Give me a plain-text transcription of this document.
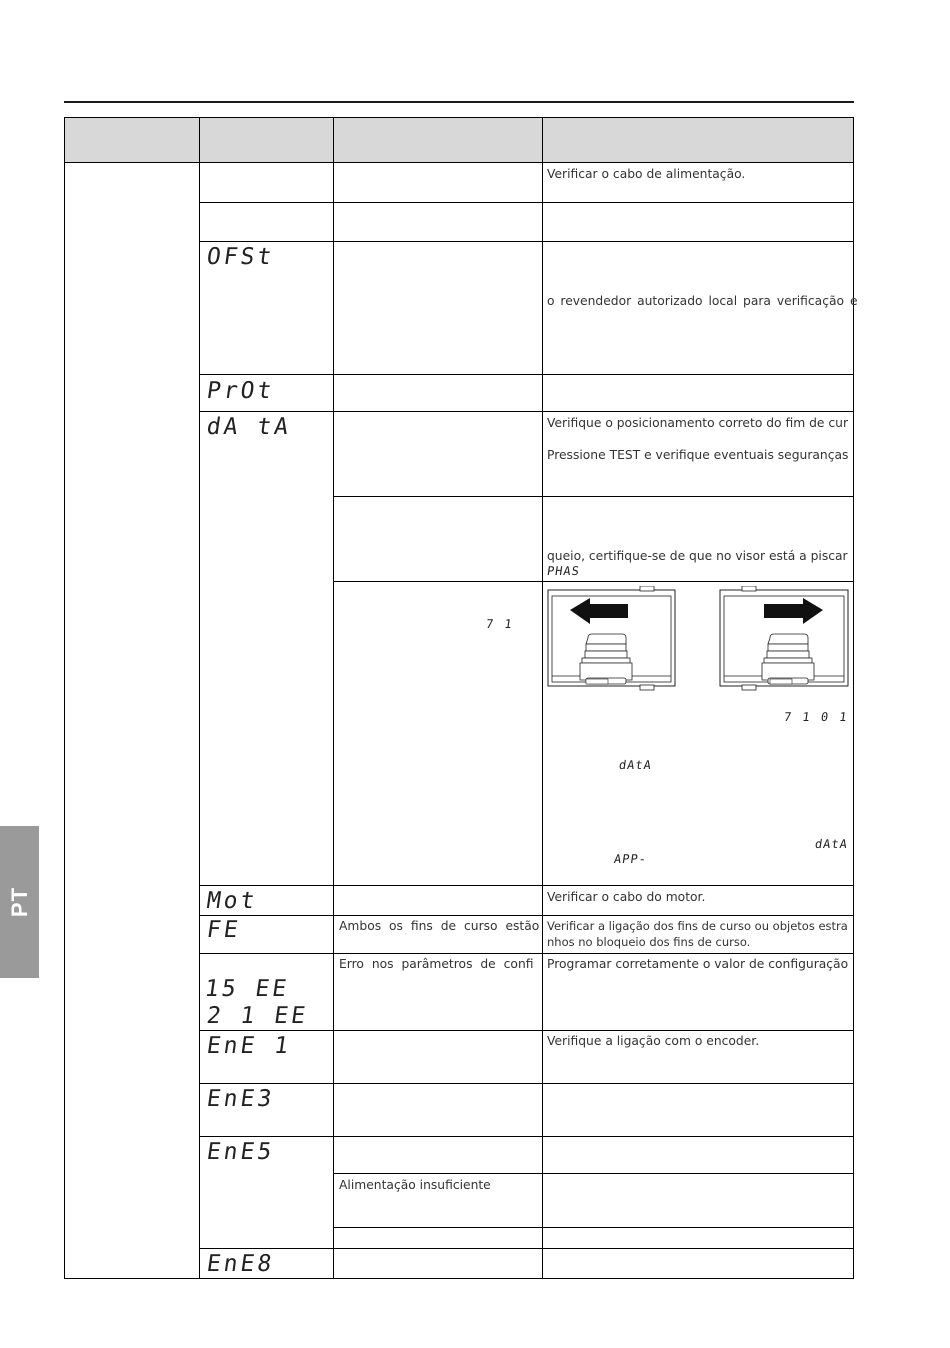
PT
OFSt
PrOt
dA tA
Mot
FE
15 EE
2 1 EE
EnE 1
EnE3
EnE5
EnE8
7 1
Ambos os fins de curso estão
Erro nos parâmetros de confi
Alimentação insuficiente
Verificar o cabo de alimentação.
o revendedor autorizado local para verificação e
Verifique o posicionamento correto do fim de cur
Pressione TEST e verifique eventuais seguranças
queio, certifique-se de que no visor está a piscar
PHAS
7 1 0 1
dAtA
dAtA
APP-
Verificar o cabo do motor.
Verificar a ligação dos fins de curso ou objetos estra
nhos no bloqueio dos fins de curso.
Programar corretamente o valor de configuração
Verifique a ligação com o encoder.
